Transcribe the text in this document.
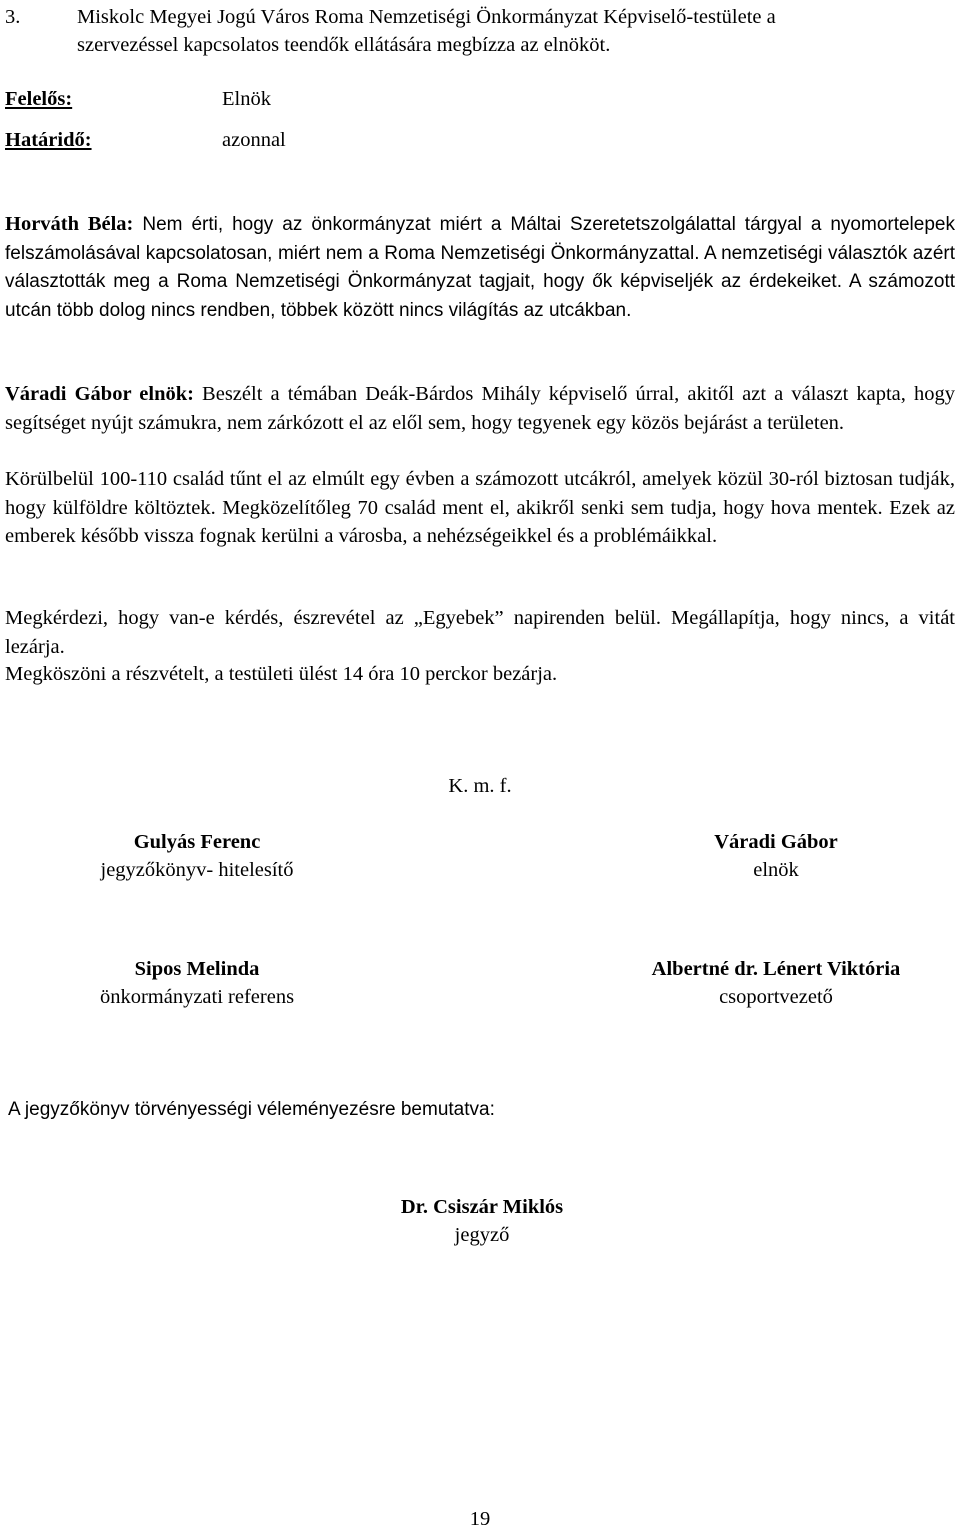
3.	Miskolc Megyei Jogú Város Roma Nemzetiségi Önkormányzat Képviselő-testülete a
szervezéssel kapcsolatos teendők ellátására megbízza az elnököt.
Felelős:	Elnök
Határidő:	azonnal
Horváth Béla: Nem érti, hogy az önkormányzat miért a Máltai Szeretetszolgálattal tárgyal a nyomortelepek felszámolásával kapcsolatosan, miért nem a Roma Nemzetiségi Önkormányzattal. A nemzetiségi választók azért választották meg a Roma Nemzetiségi Önkormányzat tagjait, hogy ők képviseljék az érdekeiket. A számozott utcán több dolog nincs rendben, többek között nincs világítás az utcákban.
Váradi Gábor elnök: Beszélt a témában Deák-Bárdos Mihály képviselő úrral, akitől azt a választ kapta, hogy segítséget nyújt számukra, nem zárkózott el az elől sem, hogy tegyenek egy közös bejárást a területen.
Körülbelül 100-110 család tűnt el az elmúlt egy évben a számozott utcákról, amelyek közül 30-ról biztosan tudják, hogy külföldre költöztek. Megközelítőleg 70 család ment el, akikről senki sem tudja, hogy hova mentek. Ezek az emberek később vissza fognak kerülni a városba, a nehézségeikkel és a problémáikkal.
Megkérdezi, hogy van-e kérdés, észrevétel az „Egyebek” napirenden belül. Megállapítja, hogy nincs, a vitát lezárja.
Megköszöni a részvételt, a testületi ülést 14 óra 10 perckor bezárja.
K. m. f.
Gulyás Ferenc
jegyzőkönyv- hitelesítő
Váradi Gábor
elnök
Sipos Melinda
önkormányzati referens
Albertné dr. Lénert Viktória
csoportvezető
A jegyzőkönyv törvényességi véleményezésre bemutatva:
Dr. Csiszár Miklós
jegyző
19
